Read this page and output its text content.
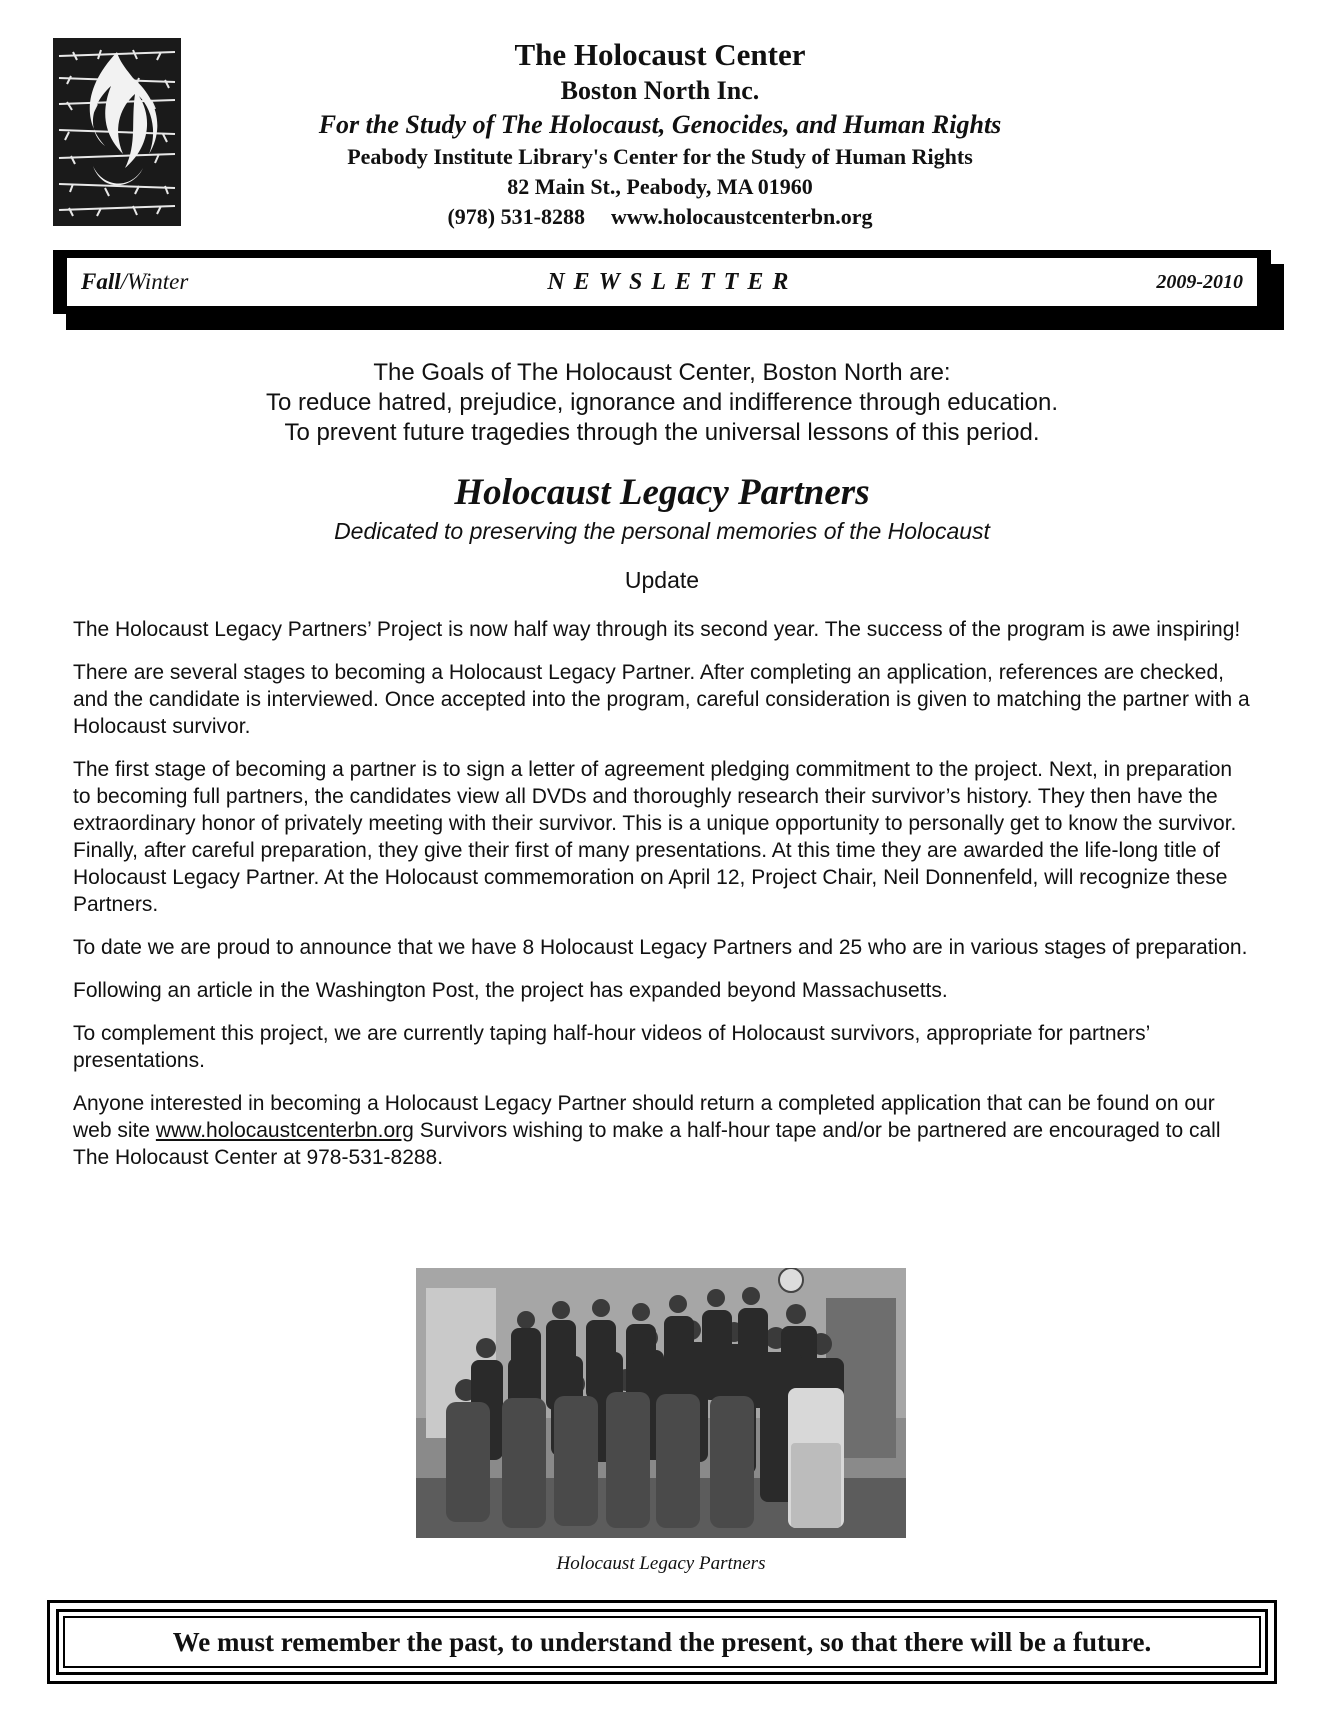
The Holocaust Center
Boston North Inc.
For the Study of The Holocaust, Genocides, and Human Rights
Peabody Institute Library's Center for the Study of Human Rights
82 Main St., Peabody, MA 01960
(978) 531-8288 www.holocaustcenterbn.org
Fall/Winter	NEWSLETTER	2009-2010
The Goals of The Holocaust Center, Boston North are:
To reduce hatred, prejudice, ignorance and indifference through education.
To prevent future tragedies through the universal lessons of this period.
Holocaust Legacy Partners
Dedicated to preserving the personal memories of the Holocaust
Update

The Holocaust Legacy Partners’ Project is now half way through its second year. The success of the program is awe inspiring!

There are several stages to becoming a Holocaust Legacy Partner. After completing an application, references are checked, and the candidate is interviewed. Once accepted into the program, careful consideration is given to matching the partner with a Holocaust survivor.

The first stage of becoming a partner is to sign a letter of agreement pledging commitment to the project. Next, in preparation to becoming full partners, the candidates view all DVDs and thoroughly research their survivor’s history. They then have the extraordinary honor of privately meeting with their survivor. This is a unique opportunity to personally get to know the survivor. Finally, after careful preparation, they give their first of many presentations. At this time they are awarded the life-long title of Holocaust Legacy Partner. At the Holocaust commemoration on April 12, Project Chair, Neil Donnenfeld, will recognize these Partners.

To date we are proud to announce that we have 8 Holocaust Legacy Partners and 25 who are in various stages of preparation.

Following an article in the Washington Post, the project has expanded beyond Massachusetts.

To complement this project, we are currently taping half-hour videos of Holocaust survivors, appropriate for partners’ presentations.

Anyone interested in becoming a Holocaust Legacy Partner should return a completed application that can be found on our web site www.holocaustcenterbn.org Survivors wishing to make a half-hour tape and/or be partnered are encouraged to call The Holocaust Center at 978-531-8288.

Holocaust Legacy Partners
We must remember the past, to understand the present, so that there will be a future.
